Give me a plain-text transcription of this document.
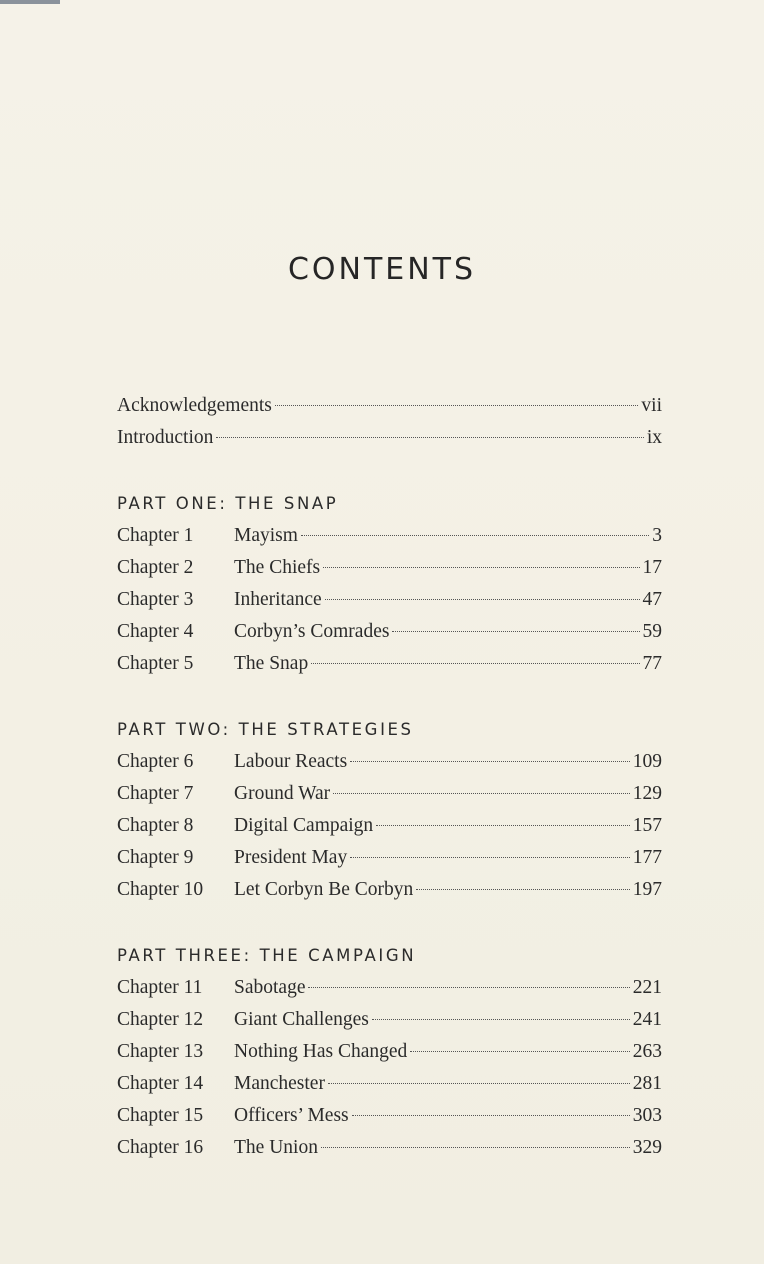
CONTENTS
Acknowledgements	vii
Introduction	ix
PART ONE: THE SNAP
Chapter 1	Mayism	3
Chapter 2	The Chiefs	17
Chapter 3	Inheritance	47
Chapter 4	Corbyn’s Comrades	59
Chapter 5	The Snap	77
PART TWO: THE STRATEGIES
Chapter 6	Labour Reacts	109
Chapter 7	Ground War	129
Chapter 8	Digital Campaign	157
Chapter 9	President May	177
Chapter 10	Let Corbyn Be Corbyn	197
PART THREE: THE CAMPAIGN
Chapter 11	Sabotage	221
Chapter 12	Giant Challenges	241
Chapter 13	Nothing Has Changed	263
Chapter 14	Manchester	281
Chapter 15	Officers’ Mess	303
Chapter 16	The Union	329
